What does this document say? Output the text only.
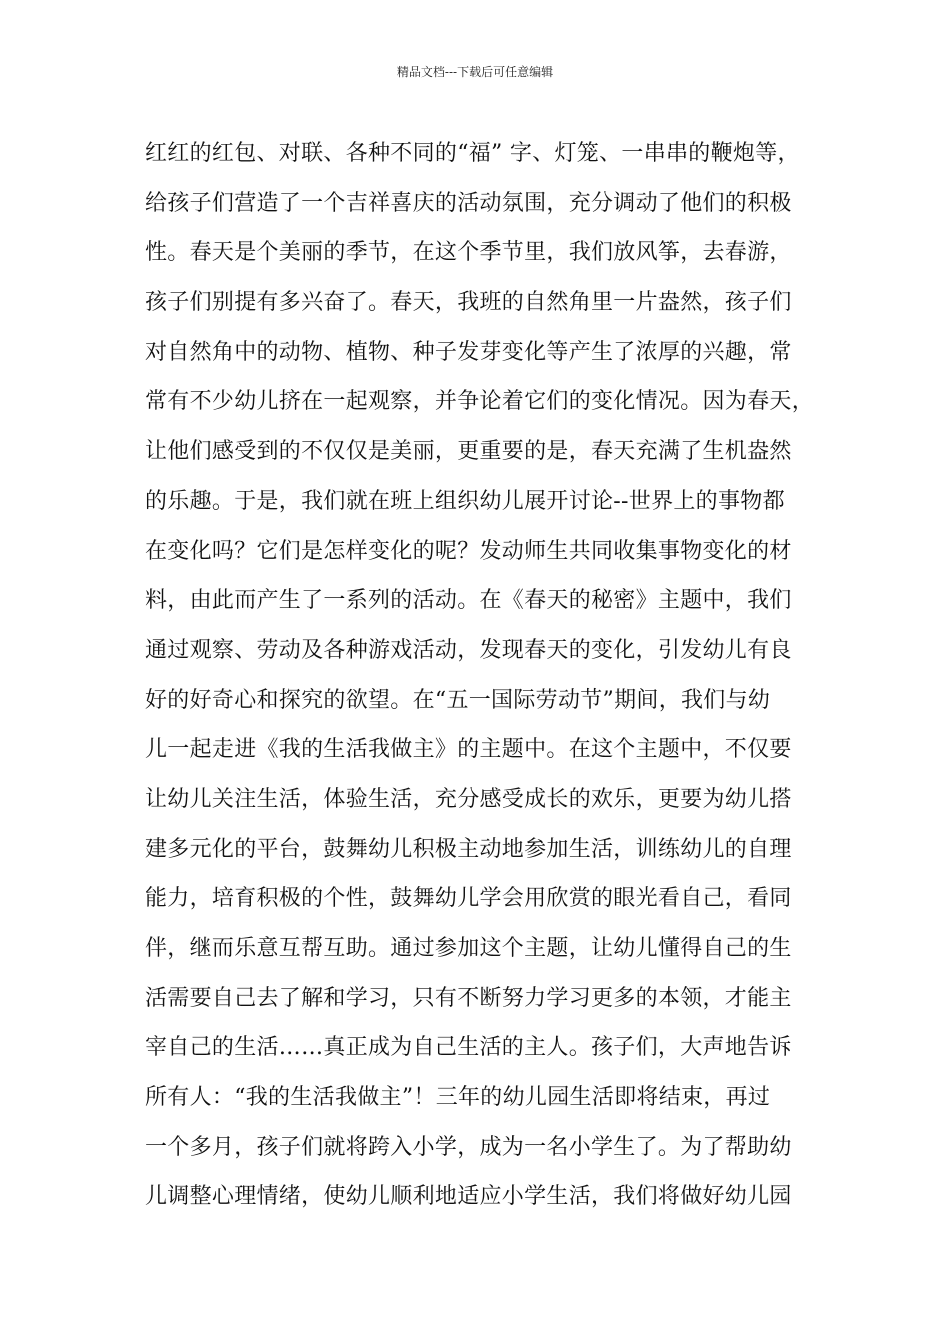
精品文档---下载后可任意编辑
红红的红包、对联、各种不同的“福” 字、灯笼、一串串的鞭炮等，
给孩子们营造了一个吉祥喜庆的活动氛围，充分调动了他们的积极
性。春天是个美丽的季节，在这个季节里，我们放风筝，去春游，
孩子们别提有多兴奋了。春天，我班的自然角里一片盎然，孩子们
对自然角中的动物、植物、种子发芽变化等产生了浓厚的兴趣，常
常有不少幼儿挤在一起观察，并争论着它们的变化情况。因为春天，
让他们感受到的不仅仅是美丽，更重要的是，春天充满了生机盎然
的乐趣。于是，我们就在班上组织幼儿展开讨论--世界上的事物都
在变化吗？它们是怎样变化的呢？发动师生共同收集事物变化的材
料，由此而产生了一系列的活动。在《春天的秘密》主题中，我们
通过观察、劳动及各种游戏活动，发现春天的变化，引发幼儿有良
好的好奇心和探究的欲望。在“五一国际劳动节”期间，我们与幼
儿一起走进《我的生活我做主》的主题中。在这个主题中，不仅要
让幼儿关注生活，体验生活，充分感受成长的欢乐，更要为幼儿搭
建多元化的平台，鼓舞幼儿积极主动地参加生活，训练幼儿的自理
能力，培育积极的个性，鼓舞幼儿学会用欣赏的眼光看自己，看同
伴，继而乐意互帮互助。通过参加这个主题，让幼儿懂得自己的生
活需要自己去了解和学习，只有不断努力学习更多的本领，才能主
宰自己的生活……真正成为自己生活的主人。孩子们，大声地告诉
所有人：“我的生活我做主”！三年的幼儿园生活即将结束，再过
一个多月，孩子们就将跨入小学，成为一名小学生了。为了帮助幼
儿调整心理情绪，使幼儿顺利地适应小学生活，我们将做好幼儿园
